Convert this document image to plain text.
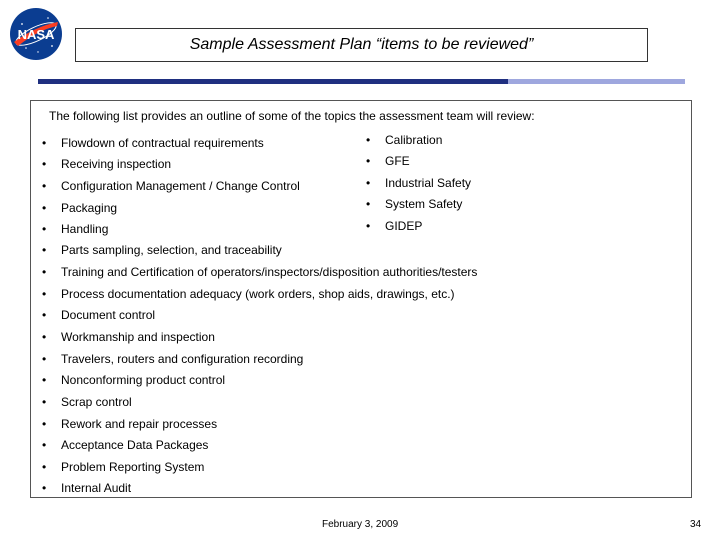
NASA
Sample Assessment Plan “items to be reviewed”
The following list provides an outline of some of the topics the assessment team will review:
• Flowdown of contractual requirements
• Receiving inspection
• Configuration Management / Change Control
• Packaging
• Handling
• Parts sampling, selection, and traceability
• Training and Certification of operators/inspectors/disposition authorities/testers
• Process documentation adequacy (work orders, shop aids, drawings, etc.)
• Document control
• Workmanship and inspection
• Travelers, routers and configuration recording
• Nonconforming product control
• Scrap control
• Rework and repair processes
• Acceptance Data Packages
• Problem Reporting System
• Internal Audit
• Calibration
• GFE
• Industrial Safety
• System Safety
• GIDEP
February 3, 2009	34
